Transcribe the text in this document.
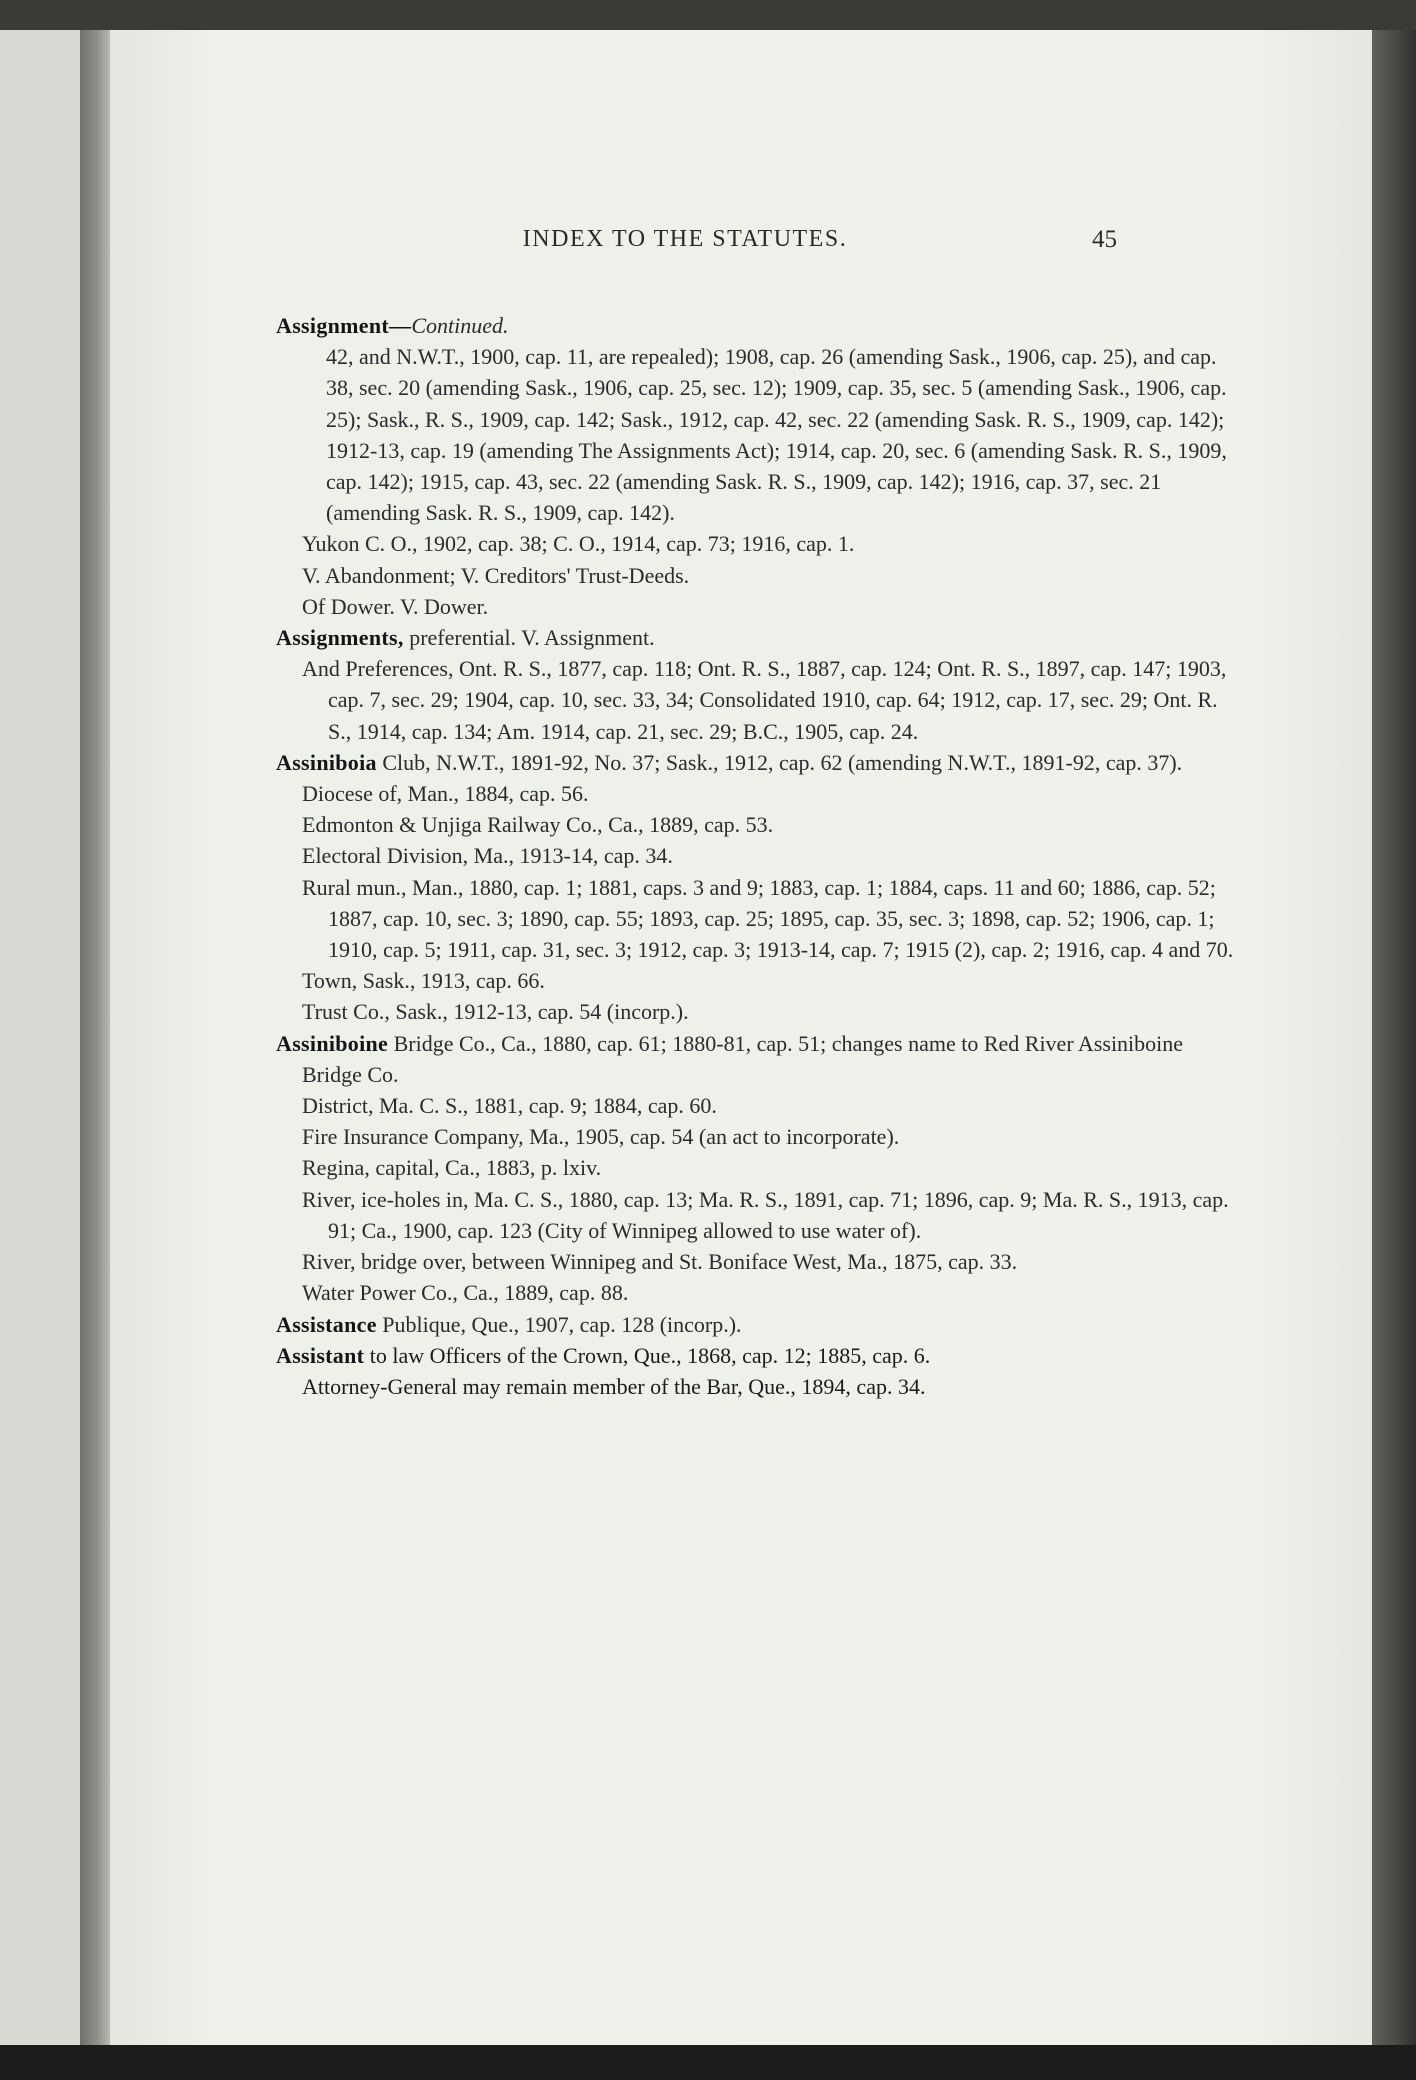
INDEX TO THE STATUTES.	45

Assignment—Continued.

42, and N.W.T., 1900, cap. 11, are repealed); 1908, cap. 26 (amending Sask., 1906, cap. 25), and cap. 38, sec. 20 (amending Sask., 1906, cap. 25, sec. 12); 1909, cap. 35, sec. 5 (amending Sask., 1906, cap. 25); Sask., R. S., 1909, cap. 142; Sask., 1912, cap. 42, sec. 22 (amending Sask. R. S., 1909, cap. 142); 1912-13, cap. 19 (amending The Assignments Act); 1914, cap. 20, sec. 6 (amending Sask. R. S., 1909, cap. 142); 1915, cap. 43, sec. 22 (amending Sask. R. S., 1909, cap. 142); 1916, cap. 37, sec. 21 (amending Sask. R. S., 1909, cap. 142).

Yukon C. O., 1902, cap. 38; C. O., 1914, cap. 73; 1916, cap. 1.

V. Abandonment; V. Creditors' Trust-Deeds.

Of Dower. V. Dower.

Assignments, preferential. V. Assignment.

And Preferences, Ont. R. S., 1877, cap. 118; Ont. R. S., 1887, cap. 124; Ont. R. S., 1897, cap. 147; 1903, cap. 7, sec. 29; 1904, cap. 10, sec. 33, 34; Consolidated 1910, cap. 64; 1912, cap. 17, sec. 29; Ont. R. S., 1914, cap. 134; Am. 1914, cap. 21, sec. 29; B.C., 1905, cap. 24.

Assiniboia Club, N.W.T., 1891-92, No. 37; Sask., 1912, cap. 62 (amending N.W.T., 1891-92, cap. 37).

Diocese of, Man., 1884, cap. 56.

Edmonton & Unjiga Railway Co., Ca., 1889, cap. 53.

Electoral Division, Ma., 1913-14, cap. 34.

Rural mun., Man., 1880, cap. 1; 1881, caps. 3 and 9; 1883, cap. 1; 1884, caps. 11 and 60; 1886, cap. 52; 1887, cap. 10, sec. 3; 1890, cap. 55; 1893, cap. 25; 1895, cap. 35, sec. 3; 1898, cap. 52; 1906, cap. 1; 1910, cap. 5; 1911, cap. 31, sec. 3; 1912, cap. 3; 1913-14, cap. 7; 1915 (2), cap. 2; 1916, cap. 4 and 70.

Town, Sask., 1913, cap. 66.

Trust Co., Sask., 1912-13, cap. 54 (incorp.).

Assiniboine Bridge Co., Ca., 1880, cap. 61; 1880-81, cap. 51; changes name to Red River Assiniboine Bridge Co.

District, Ma. C. S., 1881, cap. 9; 1884, cap. 60.

Fire Insurance Company, Ma., 1905, cap. 54 (an act to incorporate).

Regina, capital, Ca., 1883, p. lxiv.

River, ice-holes in, Ma. C. S., 1880, cap. 13; Ma. R. S., 1891, cap. 71; 1896, cap. 9; Ma. R. S., 1913, cap. 91; Ca., 1900, cap. 123 (City of Winnipeg allowed to use water of).

River, bridge over, between Winnipeg and St. Boniface West, Ma., 1875, cap. 33.

Water Power Co., Ca., 1889, cap. 88.

Assistance Publique, Que., 1907, cap. 128 (incorp.).

Assistant to law Officers of the Crown, Que., 1868, cap. 12; 1885, cap. 6.

Attorney-General may remain member of the Bar, Que., 1894, cap. 34.
